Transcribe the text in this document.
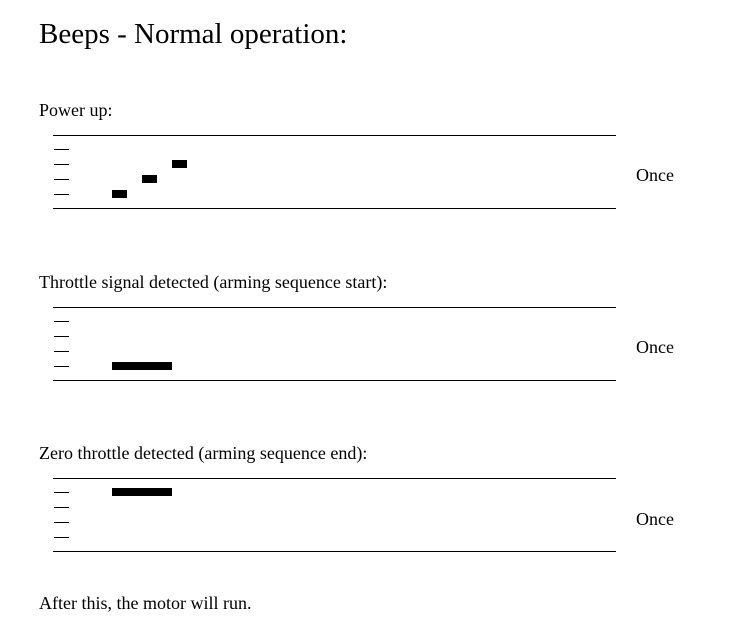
Beeps - Normal operation:
Power up:
Once
Throttle signal detected (arming sequence start):
Once
Zero throttle detected (arming sequence end):
Once
After this, the motor will run.
